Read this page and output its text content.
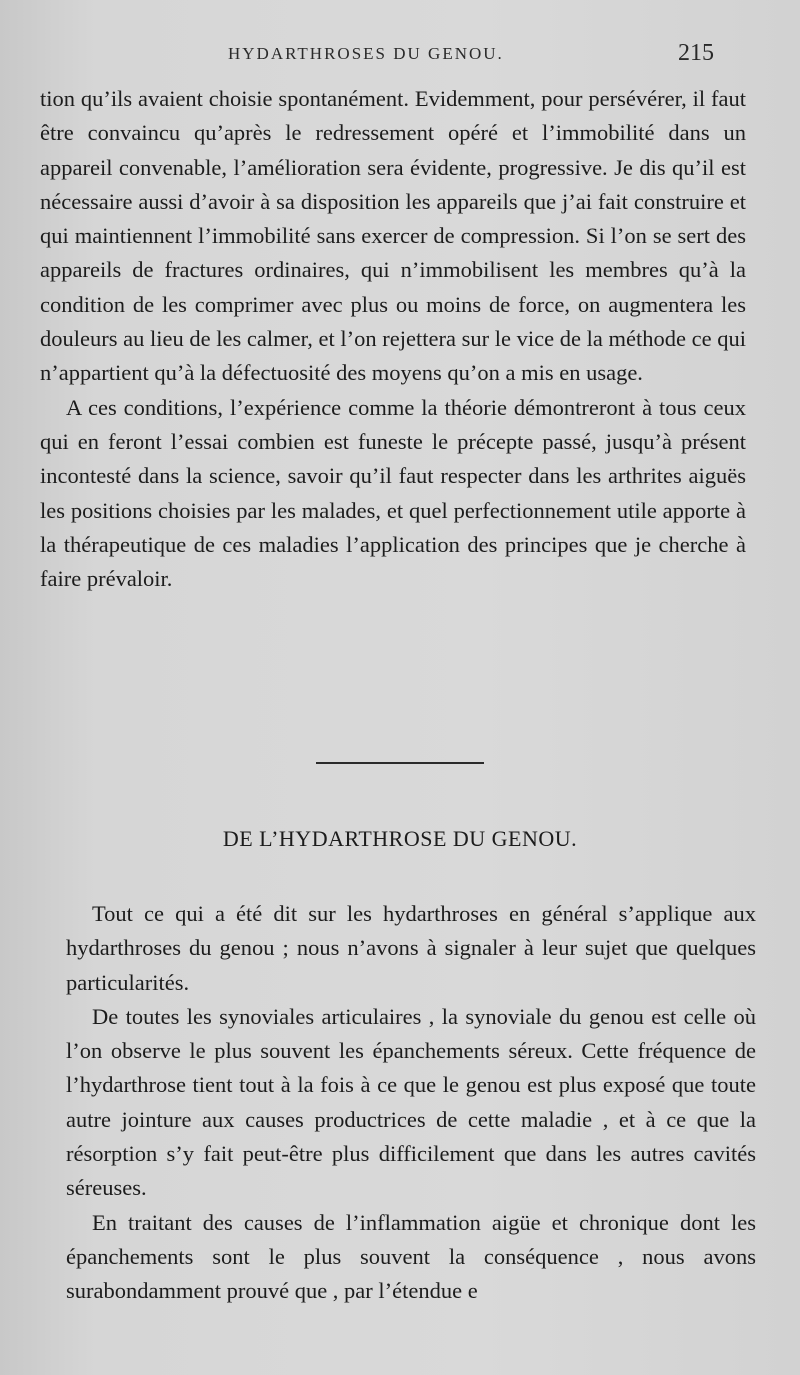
HYDARTHROSES DU GENOU.	215

tion qu’ils avaient choisie spontanément. Evidemment, pour persévérer, il faut être convaincu qu’après le redressement opéré et l’immobilité dans un appareil convenable, l’amélioration sera évidente, progressive. Je dis qu’il est nécessaire aussi d’avoir à sa disposition les appareils que j’ai fait construire et qui maintiennent l’immobilité sans exercer de compression. Si l’on se sert des appareils de fractures ordinaires, qui n’immobilisent les membres qu’à la condition de les comprimer avec plus ou moins de force, on augmentera les douleurs au lieu de les calmer, et l’on rejettera sur le vice de la méthode ce qui n’appartient qu’à la défectuosité des moyens qu’on a mis en usage.

A ces conditions, l’expérience comme la théorie démontreront à tous ceux qui en feront l’essai combien est funeste le précepte passé, jusqu’à présent incontesté dans la science, savoir qu’il faut respecter dans les arthrites aiguës les positions choisies par les malades, et quel perfectionnement utile apporte à la thérapeutique de ces maladies l’application des principes que je cherche à faire prévaloir.

DE L’HYDARTHROSE DU GENOU.

Tout ce qui a été dit sur les hydarthroses en général s’applique aux hydarthroses du genou ; nous n’avons à signaler à leur sujet que quelques particularités.

De toutes les synoviales articulaires , la synoviale du genou est celle où l’on observe le plus souvent les épanchements séreux. Cette fréquence de l’hydarthrose tient tout à la fois à ce que le genou est plus exposé que toute autre jointure aux causes productrices de cette maladie , et à ce que la résorption s’y fait peut-être plus difficilement que dans les autres cavités séreuses.

En traitant des causes de l’inflammation aigüe et chronique dont les épanchements sont le plus souvent la conséquence , nous avons surabondamment prouvé que , par l’étendue e
